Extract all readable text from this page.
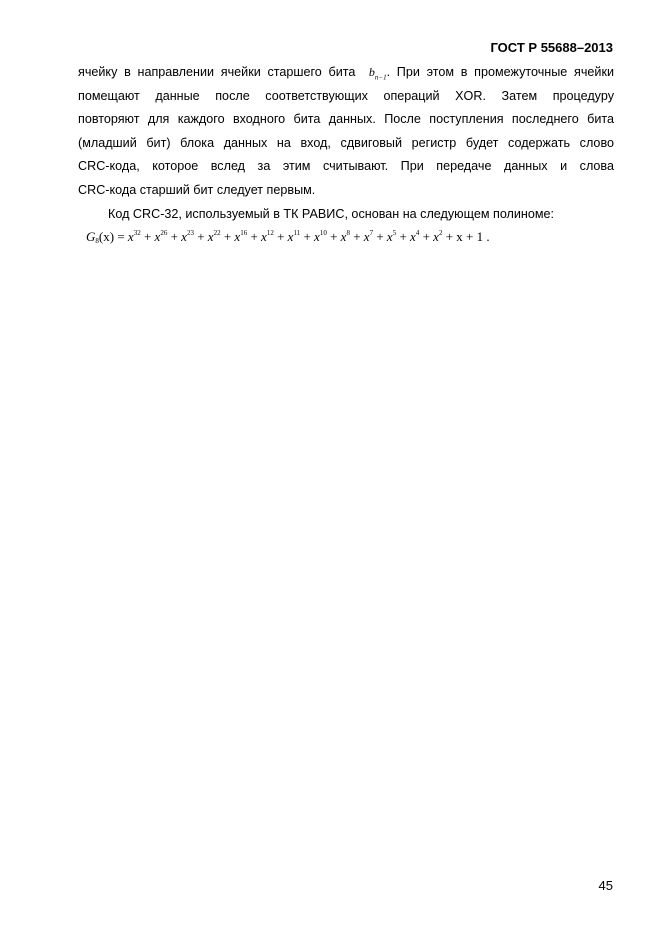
ГОСТ Р 55688–2013
ячейку в направлении ячейки старшего бита $b_{n-1}$. При этом в промежуточные ячейки
помещают данные после соответствующих операций XOR. Затем процедуру
повторяют для каждого входного бита данных. После поступления последнего бита
(младший бит) блока данных на вход, сдвиговый регистр будет содержать слово
CRC-кода, которое вслед за этим считывают. При передаче данных и слова
CRC-кода старший бит следует первым.
Код CRC-32, используемый в ТК РАВИС, основан на следующем полиноме:
$G_8(x) = x^{32} + x^{26} + x^{23} + x^{22} + x^{16} + x^{12} + x^{11} + x^{10} + x^8 + x^7 + x^5 + x^4 + x^2 + x + 1$ .
45
